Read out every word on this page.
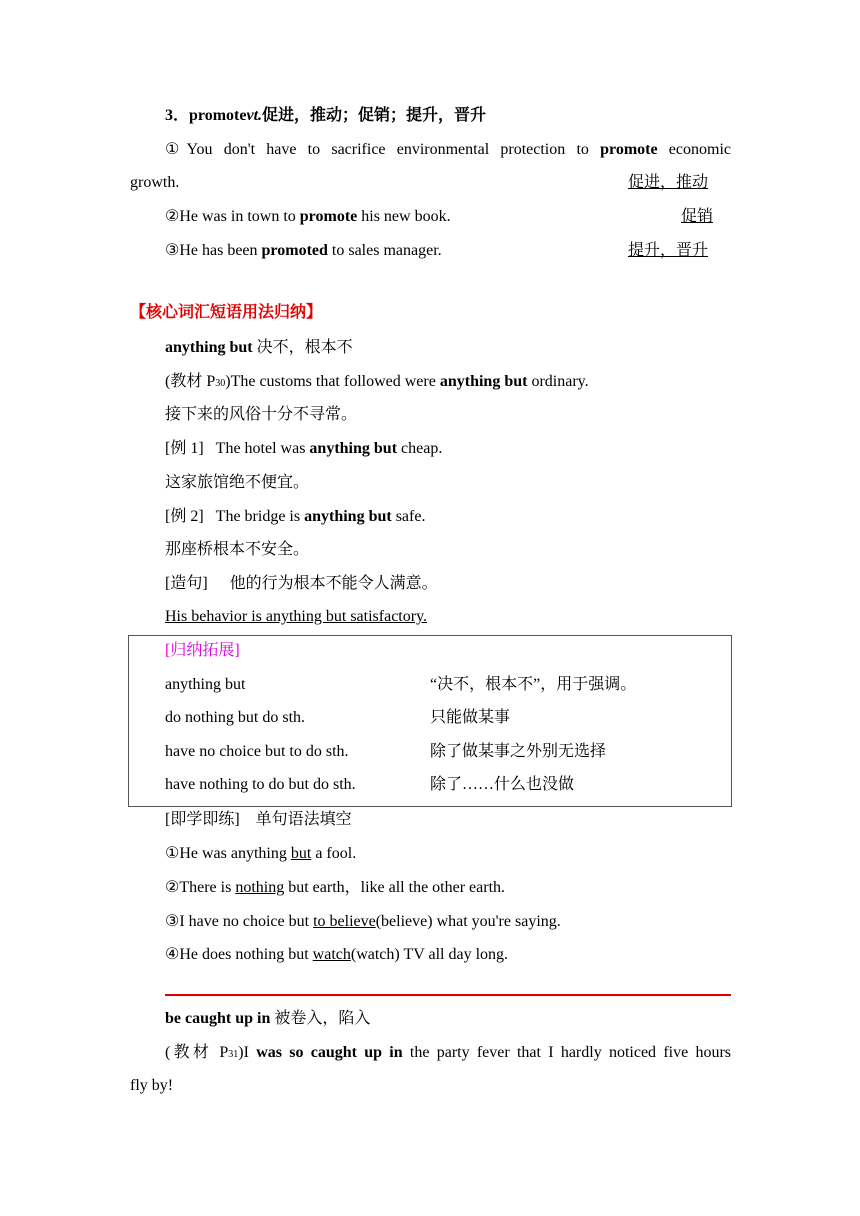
3．promotevt.促进，推动；促销；提升，晋升
①You don't have to sacrifice environmental protection to promote economic
growth.	促进，推动
②He was in town to promote his new book.	促销
③He has been promoted to sales manager.	提升，晋升
【核心词汇短语用法归纳】
anything but 决不，根本不
(教材 P30)The customs that followed were anything but ordinary.
接下来的风俗十分不寻常。
[例 1] The hotel was anything but cheap.
这家旅馆绝不便宜。
[例 2] The bridge is anything but safe.
那座桥根本不安全。
[造句] 他的行为根本不能令人满意。
His behavior is anything but satisfactory.
[归纳拓展]
anything but	“决不，根本不”，用于强调。
do nothing but do sth.	只能做某事
have no choice but to do sth.	除了做某事之外别无选择
have nothing to do but do sth.	除了……什么也没做
[即学即练] 单句语法填空
①He was anything but a fool.
②There is nothing but earth，like all the other earth.
③I have no choice but to believe(believe) what you're saying.
④He does nothing but watch(watch) TV all day long.
be caught up in 被卷入，陷入
(教材 P31)I was so caught up in the party fever that I hardly noticed five hours
fly by!
